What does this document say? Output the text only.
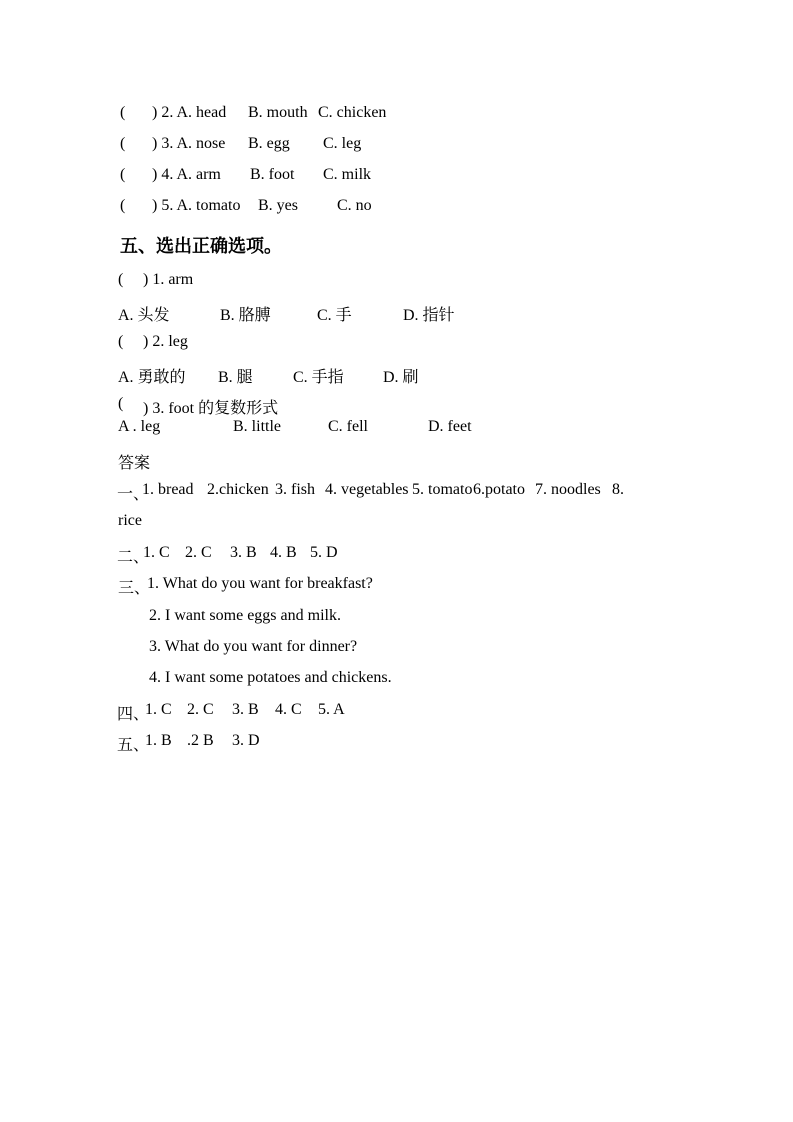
( ) 2. A. head B. mouth C. chicken
( ) 3. A. nose B. egg C. leg
( ) 4. A. arm B. foot C. milk
( ) 5. A. tomato B. yes C. no
五、选出正确选项。
( ) 1. arm
A. 头发	B. 胳膊	C. 手	D. 指针
( ) 2. leg
A. 勇敢的 B. 腿	C. 手指 D. 刷
( ) 3. foot 的复数形式
A . leg	B. little	C. fell	D. feet
答案
一、
1. bread 2.chicken 3. fish 4. vegetables 5. tomato 6.potato 7. noodles 8.
rice
二、
1. C 2. C 3. B 4. B 5. D
三、
1. What do you want for breakfast?
2. I want some eggs and milk.
3. What do you want for dinner?
4. I want some potatoes and chickens.
四、
1. C 2. C 3. B 4. C 5. A
五、
1. B .2 B 3. D
